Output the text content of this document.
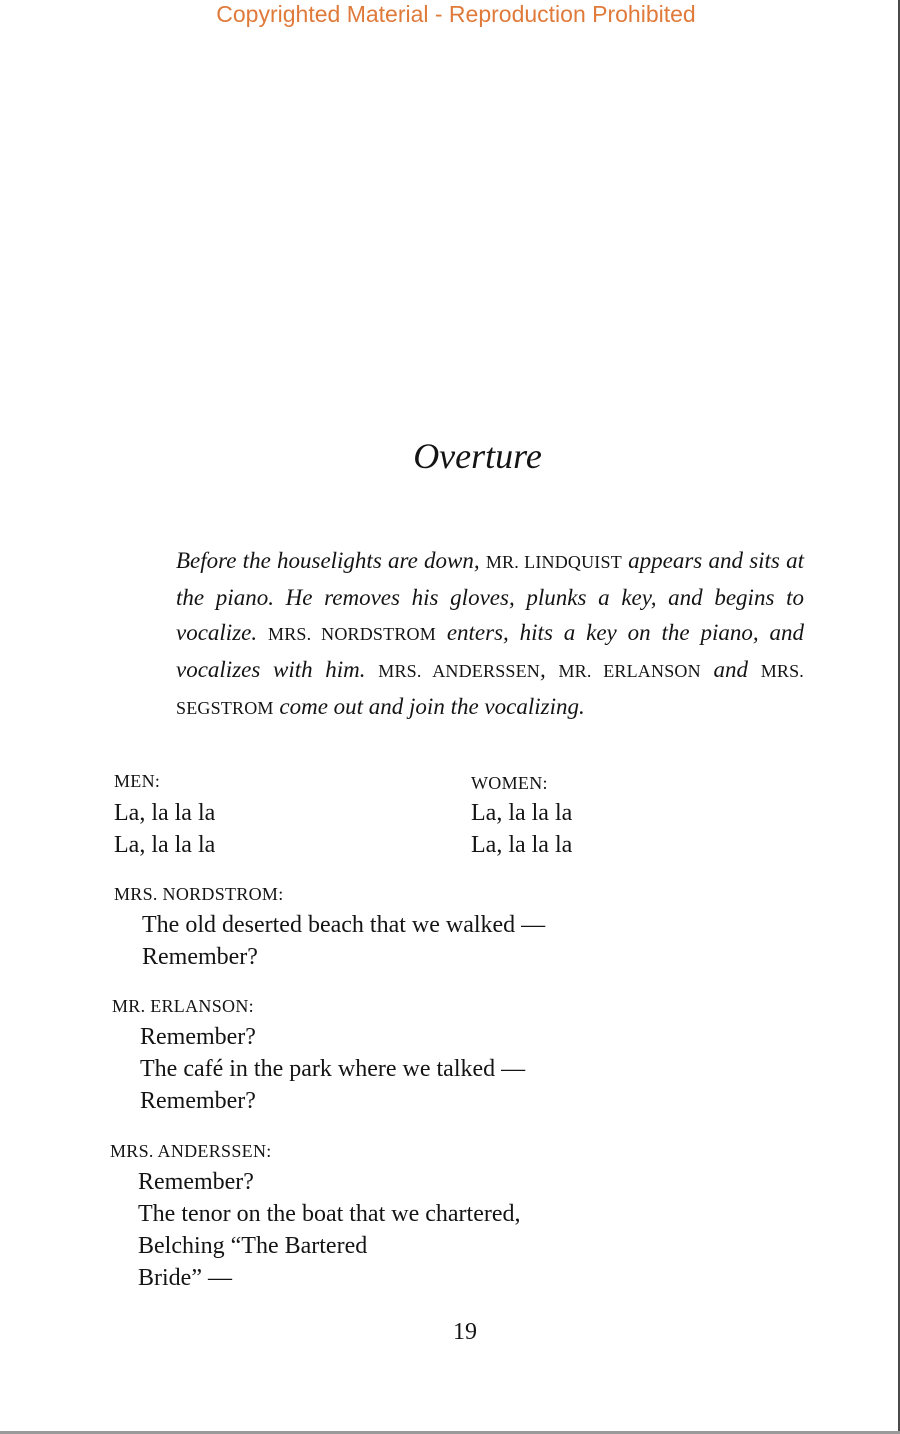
Copyrighted Material - Reproduction Prohibited
Overture
Before the houselights are down, MR. LINDQUIST appears and sits at the piano. He removes his gloves, plunks a key, and begins to vocalize. MRS. NORDSTROM enters, hits a key on the piano, and vocalizes with him. MRS. ANDERSSEN, MR. ERLANSON and MRS. SEGSTROM come out and join the vocalizing.
MEN:
La, la la la
La, la la la
WOMEN:
La, la la la
La, la la la
MRS. NORDSTROM:
The old deserted beach that we walked —
Remember?
MR. ERLANSON:
Remember?
The café in the park where we talked —
Remember?
MRS. ANDERSSEN:
Remember?
The tenor on the boat that we chartered,
Belching “The Bartered
Bride” —
19
